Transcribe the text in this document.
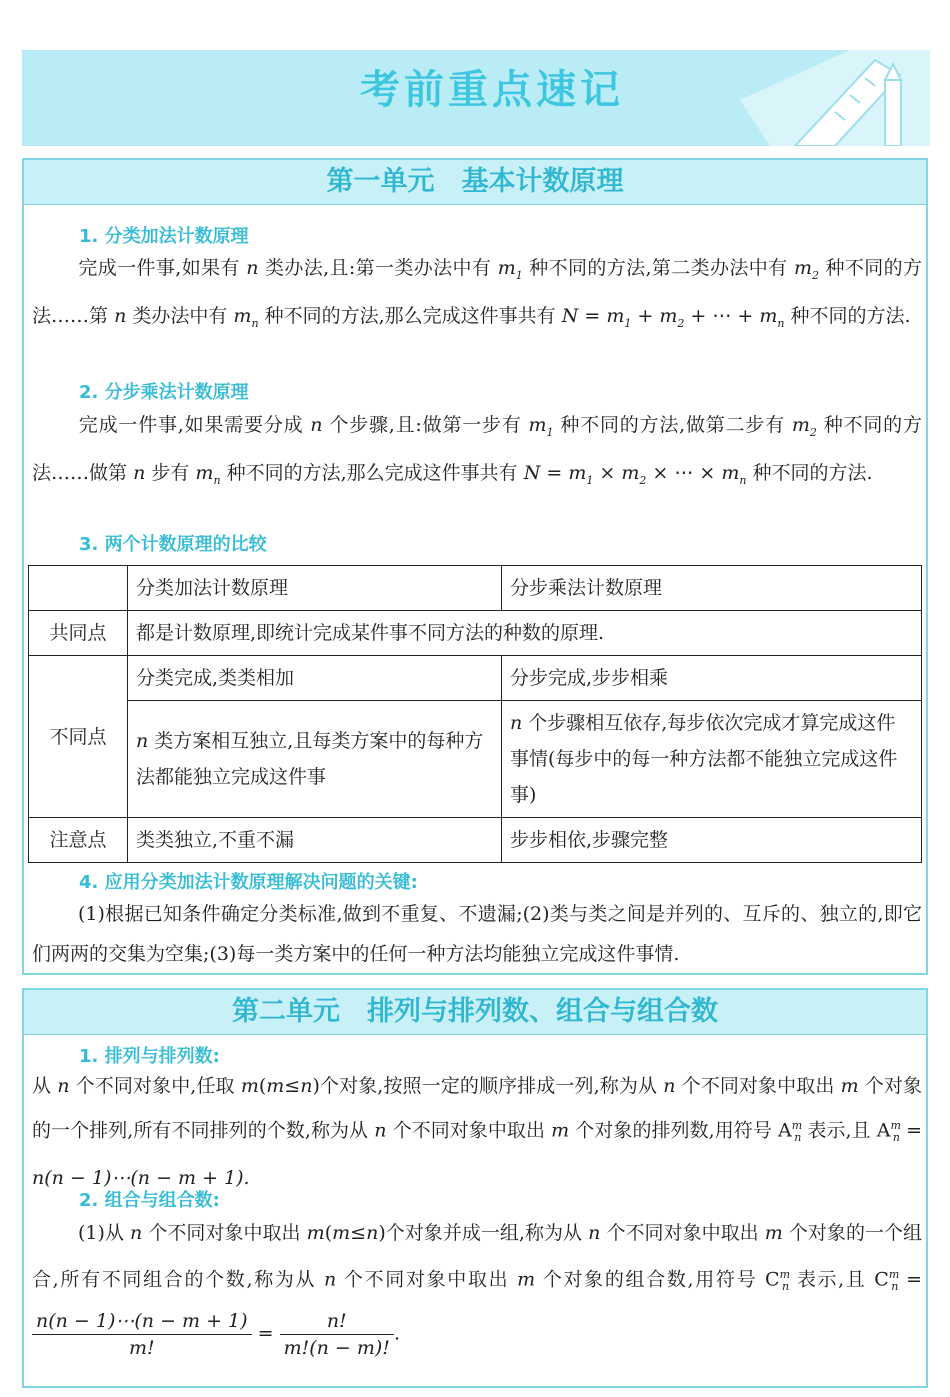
考前重点速记
第一单元　基本计数原理
1. 分类加法计数原理
完成一件事,如果有 n 类办法,且:第一类办法中有 $m_1$ 种不同的方法,第二类办法中有 $m_2$ 种不同的方法……第 n 类办法中有 $m_n$ 种不同的方法,那么完成这件事共有 $N = m_1 + m_2$ + ⋯ + $m_n$ 种不同的方法.
2. 分步乘法计数原理
完成一件事,如果需要分成 n 个步骤,且:做第一步有 $m_1$ 种不同的方法,做第二步有 $m_2$ 种不同的方法……做第 n 步有 $m_n$ 种不同的方法,那么完成这件事共有 $N = m_1 \times m_2$ × ⋯ × $m_n$ 种不同的方法.
3. 两个计数原理的比较
	分类加法计数原理	分步乘法计数原理
共同点	都是计数原理,即统计完成某件事不同方法的种数的原理.	
不同点	分类完成,类类相加	分步完成,步步相乘
	n 类方案相互独立,且每类方案中的每种方法都能独立完成这件事	n 个步骤相互依存,每步依次完成才算完成这件事情(每步中的每一种方法都不能独立完成这件事)
注意点	类类独立,不重不漏	步步相依,步骤完整
4. 应用分类加法计数原理解决问题的关键:
(1)根据已知条件确定分类标准,做到不重复、不遗漏;(2)类与类之间是并列的、互斥的、独立的,即它们两两的交集为空集;(3)每一类方案中的任何一种方法均能独立完成这件事情.
第二单元　排列与排列数、组合与组合数
1. 排列与排列数:
从 n 个不同对象中,任取 m(m≤n)个对象,按照一定的顺序排成一列,称为从 n 个不同对象中取出 m 个对象的一个排列,所有不同排列的个数,称为从 n 个不同对象中取出 m 个对象的排列数,用符号 $A^m_n$ 表示,且 $A^m_n = n(n$ − 1)⋯(n − m + 1).
2. 组合与组合数:
(1)从 n 个不同对象中取出 m(m≤n)个对象并成一组,称为从 n 个不同对象中取出 m 个对象的一个组合,所有不同组合的个数,称为从 n 个不同对象中取出 m 个对象的组合数,用符号 $C^m_n$ 表示,且 $C^m_n$ =
$\frac{n(n - 1)\cdots(n - m + 1)}{m!} = \frac{n!}{m!(n - m)!}$ .
